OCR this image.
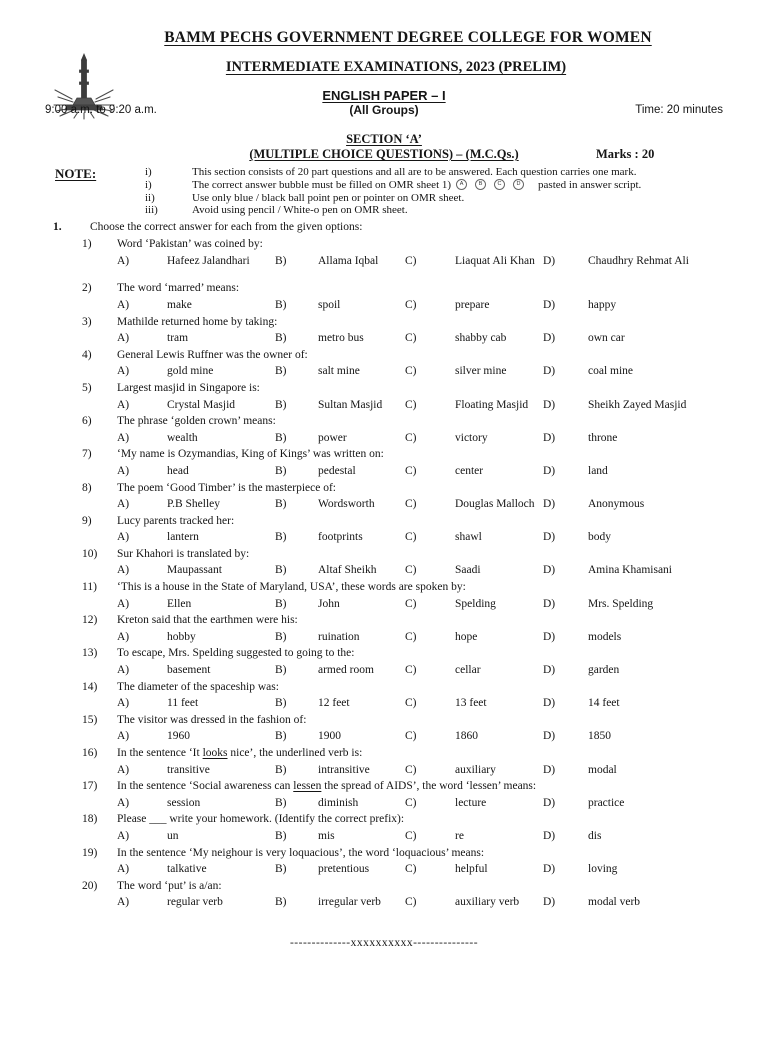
BAMM PECHS GOVERNMENT DEGREE COLLEGE FOR WOMEN
INTERMEDIATE EXAMINATIONS, 2023 (PRELIM)
ENGLISH PAPER – I
9:00 a.m. to 9:20 a.m.	(All Groups)	Time: 20 minutes
SECTION ‘A’
(MULTIPLE CHOICE QUESTIONS) – (M.C.Qs.)	Marks : 20
NOTE:	i)	This section consists of 20 part questions and all are to be answered. Each question carries one mark.
i)	The correct answer bubble must be filled on OMR sheet 1) A	B	C	D pasted in answer script.
ii)	Use only blue / black ball point pen or pointer on OMR sheet.
iii)	Avoid using pencil / White-o pen on OMR sheet.
1.	Choose the correct answer for each from the given options:
1)	Word ‘Pakistan’ was coined by:
A)	Hafeez Jalandhari	B)	Allama Iqbal	C)	Liaquat Ali Khan D)	Chaudhry Rehmat Ali
2)	The word ‘marred’ means:
A)	make	B)	spoil	C)	prepare	D)	happy
3)	Mathilde returned home by taking:
A)	tram	B)	metro bus	C)	shabby cab	D)	own car
4)	General Lewis Ruffner was the owner of:
A)	gold mine	B)	salt mine	C)	silver mine	D)	coal mine
5)	Largest masjid in Singapore is:
A)	Crystal Masjid	B)	Sultan Masjid	C)	Floating Masjid	D)	Sheikh Zayed Masjid
6)	The phrase ‘golden crown’ means:
A)	wealth	B)	power	C)	victory	D)	throne
7)	‘My name is Ozymandias, King of Kings’ was written on:
A)	head	B)	pedestal	C)	center	D)	land
8)	The poem ‘Good Timber’ is the masterpiece of:
A)	P.B Shelley	B)	Wordsworth	C)	Douglas Malloch D)	Anonymous
9)	Lucy parents tracked her:
A)	lantern	B)	footprints	C)	shawl	D)	body
10)	Sur Khahori is translated by:
A)	Maupassant	B)	Altaf Sheikh	C)	Saadi	D)	Amina Khamisani
11)	‘This is a house in the State of Maryland, USA’, these words are spoken by:
A)	Ellen	B)	John	C)	Spelding	D)	Mrs. Spelding
12)	Kreton said that the earthmen were his:
A)	hobby	B)	ruination	C)	hope	D)	models
13)	To escape, Mrs. Spelding suggested to going to the:
A)	basement	B)	armed room	C)	cellar	D)	garden
14)	The diameter of the spaceship was:
A)	11 feet	B)	12 feet	C)	13 feet	D)	14 feet
15)	The visitor was dressed in the fashion of:
A)	1960	B)	1900	C)	1860	D)	1850
16)	In the sentence ‘It looks nice’, the underlined verb is:
A)	transitive	B)	intransitive	C)	auxiliary	D)	modal
17)	In the sentence ‘Social awareness can lessen the spread of AIDS’, the word ‘lessen’ means:
A)	session	B)	diminish	C)	lecture	D)	practice
18)	Please ___ write your homework. (Identify the correct prefix):
A)	un	B)	mis	C)	re	D)	dis
19)	In the sentence ‘My neighour is very loquacious’, the word ‘loquacious’ means:
A)	talkative	B)	pretentious	C)	helpful	D)	loving
20)	The word ‘put’ is a/an:
A)	regular verb	B)	irregular verb	C)	auxiliary verb	D)	modal verb
--------------xxxxxxxxxx---------------
